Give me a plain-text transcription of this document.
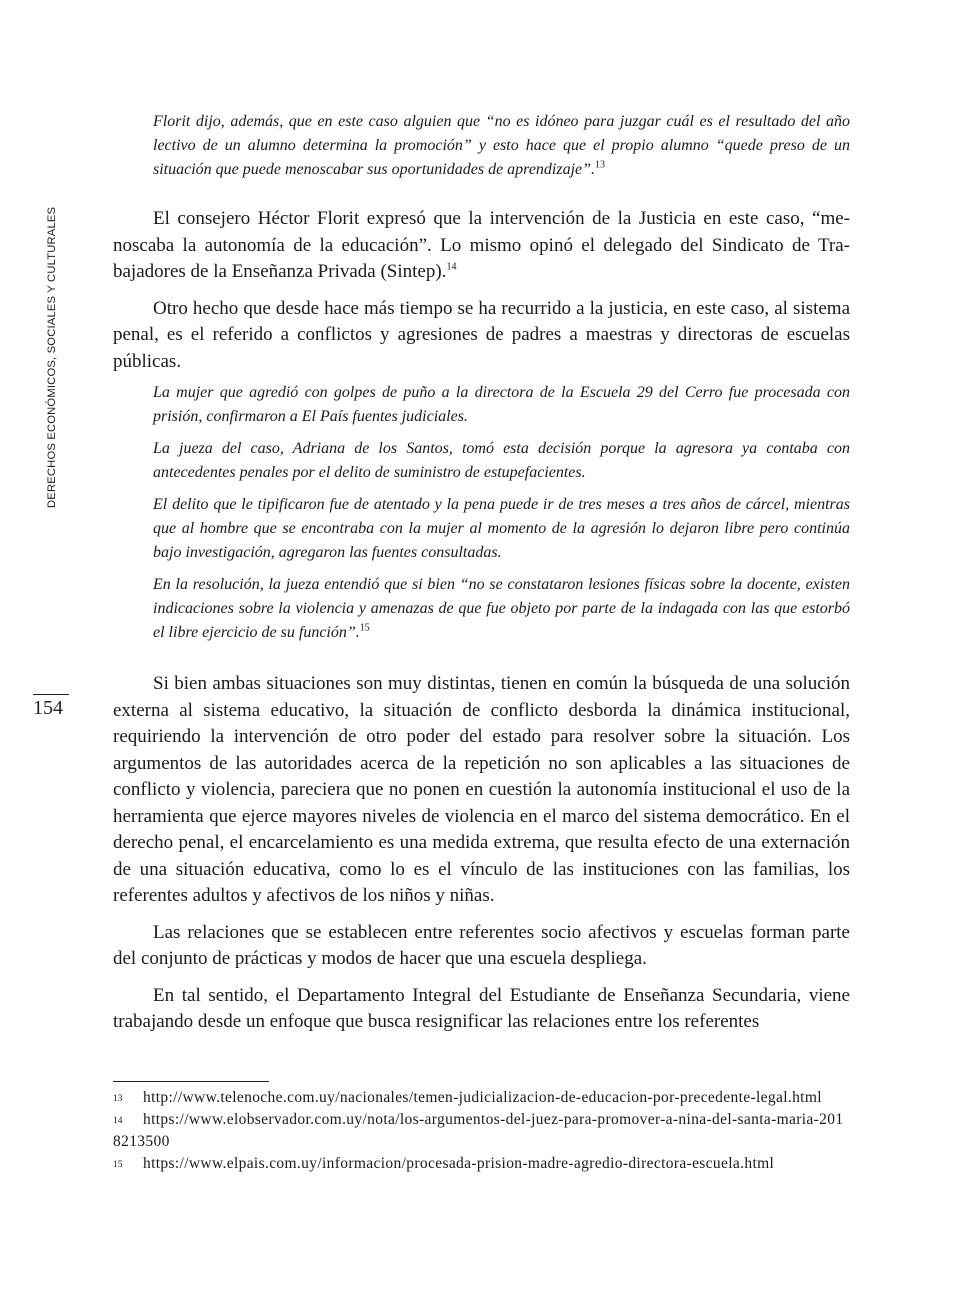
DERECHOS ECONÓMICOS, SOCIALES Y CULTURALES
154
Florit dijo, además, que en este caso alguien que “no es idóneo para juzgar cuál es el resultado del año lectivo de un alumno determina la promoción” y esto hace que el propio alumno “quede preso de un situación que puede menoscabar sus oportunidades de aprendizaje”.$^{13}$

El consejero Héctor Florit expresó que la intervención de la Justicia en este caso, “menoscaba la autonomía de la educación”. Lo mismo opinó el delegado del Sindicato de Trabajadores de la Enseñanza Privada (Sintep).$^{14}$

Otro hecho que desde hace más tiempo se ha recurrido a la justicia, en este caso, al sistema penal, es el referido a conflictos y agresiones de padres a maestras y directoras de escuelas públicas.

La mujer que agredió con golpes de puño a la directora de la Escuela 29 del Cerro fue procesada con prisión, confirmaron a El País fuentes judiciales.
La jueza del caso, Adriana de los Santos, tomó esta decisión porque la agresora ya contaba con antecedentes penales por el delito de suministro de estupefacientes.
El delito que le tipificaron fue de atentado y la pena puede ir de tres meses a tres años de cárcel, mientras que al hombre que se encontraba con la mujer al momento de la agresión lo dejaron libre pero continúa bajo investigación, agregaron las fuentes consultadas.
En la resolución, la jueza entendió que si bien “no se constataron lesiones físicas sobre la docente, existen indicaciones sobre la violencia y amenazas de que fue objeto por parte de la indagada con las que estorbó el libre ejercicio de su función”.$^{15}$

Si bien ambas situaciones son muy distintas, tienen en común la búsqueda de una solución externa al sistema educativo, la situación de conflicto desborda la dinámica institucional, requiriendo la intervención de otro poder del estado para resolver sobre la situación. Los argumentos de las autoridades acerca de la repetición no son aplicables a las situaciones de conflicto y violencia, pareciera que no ponen en cuestión la autonomía institucional el uso de la herramienta que ejerce mayores niveles de violencia en el marco del sistema democrático. En el derecho penal, el encarcelamiento es una medida extrema, que resulta efecto de una externación de una situación educativa, como lo es el vínculo de las instituciones con las familias, los referentes adultos y afectivos de los niños y niñas.

Las relaciones que se establecen entre referentes socio afectivos y escuelas forman parte del conjunto de prácticas y modos de hacer que una escuela despliega.

En tal sentido, el Departamento Integral del Estudiante de Enseñanza Secundaria, viene trabajando desde un enfoque que busca resignificar las relaciones entre los referentes

13 http://www.telenoche.com.uy/nacionales/temen-judicializacion-de-educacion-por-precedente-legal.html
14 https://www.elobservador.com.uy/nota/los-argumentos-del-juez-para-promover-a-nina-del-santa-maria-2018213500
15 https://www.elpais.com.uy/informacion/procesada-prision-madre-agredio-directora-escuela.html
